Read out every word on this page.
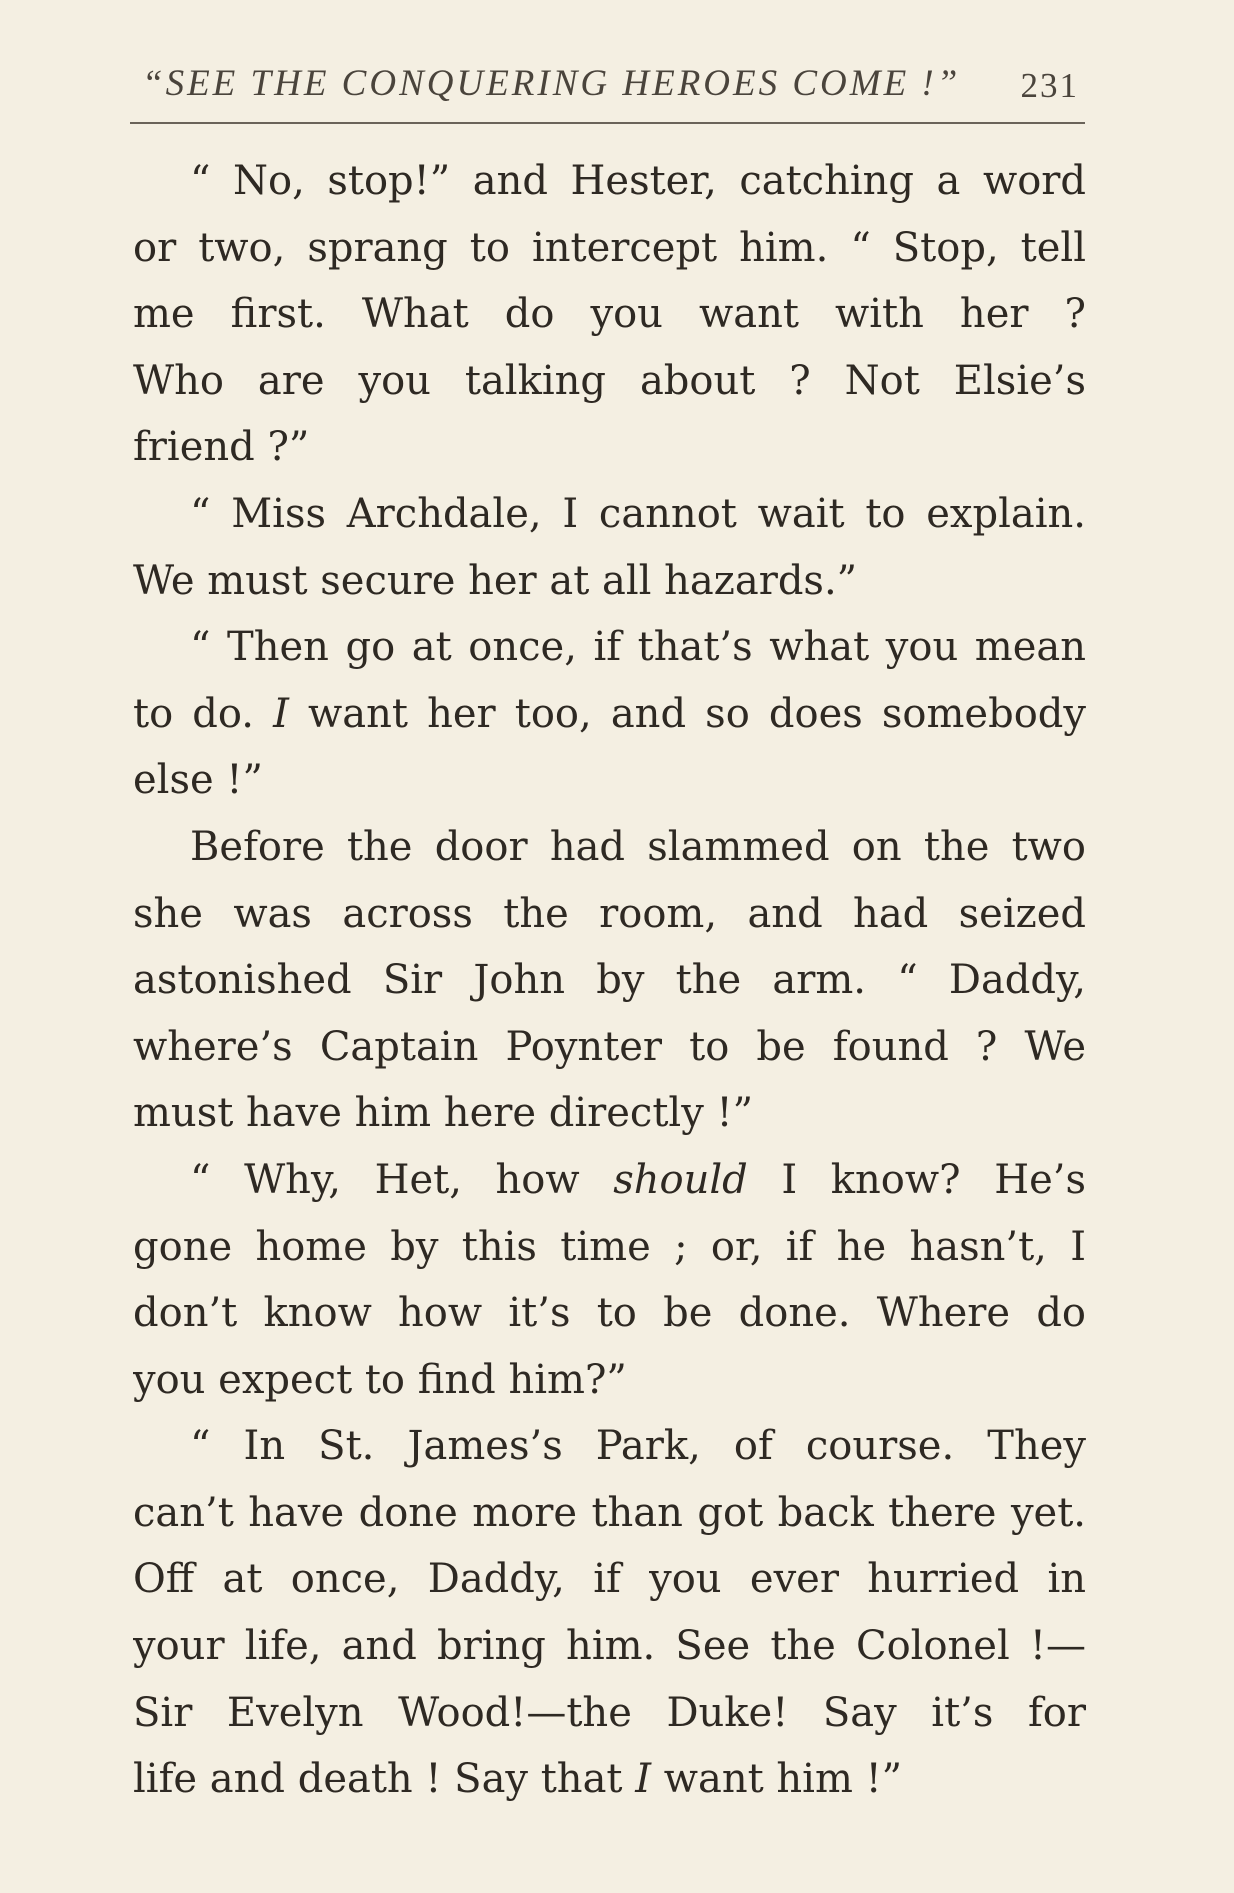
“SEE THE CONQUERING HEROES COME !” 231
“ No, stop!” and Hester, catching a word
or two, sprang to intercept him. “ Stop, tell
me first. What do you want with her ?
Who are you talking about ? Not Elsie’s
friend ?”
“ Miss Archdale, I cannot wait to explain.
We must secure her at all hazards.”
“ Then go at once, if that’s what you mean
to do. I want her too, and so does somebody
else !”
Before the door had slammed on the two
she was across the room, and had seized
astonished Sir John by the arm. “ Daddy,
where’s Captain Poynter to be found ? We
must have him here directly !”
“ Why, Het, how should I know? He’s
gone home by this time ; or, if he hasn’t, I
don’t know how it’s to be done. Where do
you expect to find him?”
“ In St. James’s Park, of course. They
can’t have done more than got back there yet.
Off at once, Daddy, if you ever hurried in
your life, and bring him. See the Colonel !—
Sir Evelyn Wood!—the Duke! Say it’s for
life and death ! Say that I want him !”
